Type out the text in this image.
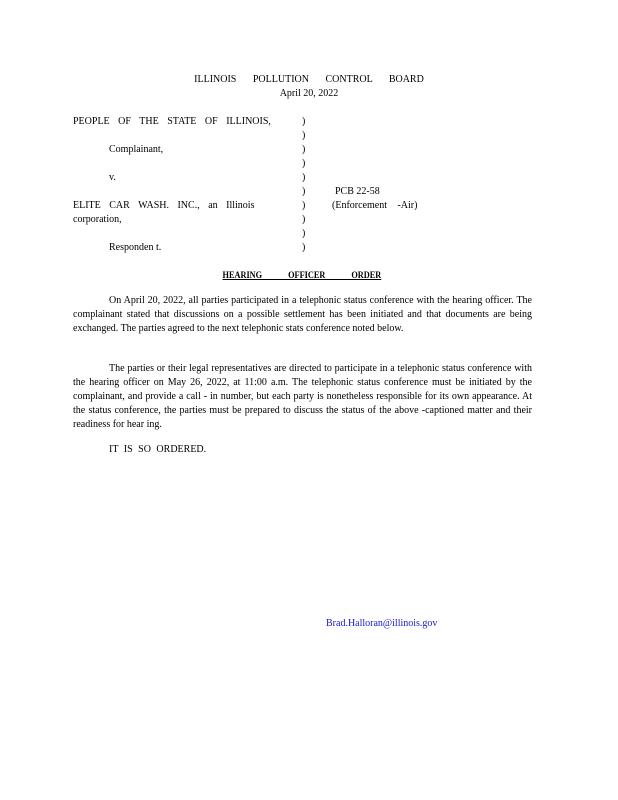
ILLINOIS POLLUTION CONTROL BOARD
April 20, 2022
PEOPLE OF THE STATE OF ILLINOIS,
Complainant,
v.
ELITE CAR WASH. INC., an Illinois
corporation,
Responden t.
)
)
)
)
)
)
)
)
)
)
PCB 22-58
(Enforcement -Air)
HEARING OFFICER ORDER

On April 20, 2022, all parties participated in a telephonic status conference with the hearing officer. The complainant stated that discussions on a possible settlement has been initiated and that documents are being exchanged. The parties agreed to the next telephonic stats conference noted below.

The parties or their legal representatives are directed to participate in a telephonic status conference with the hearing officer on May 26, 2022, at 11:00 a.m. The telephonic status conference must be initiated by the complainant, and provide a call - in number, but each party is nonetheless responsible for its own appearance. At the status conference, the parties must be prepared to discuss the status of the above -captioned matter and their readiness for hear ing.

IT IS SO ORDERED.
Brad.Halloran@illinois.gov
